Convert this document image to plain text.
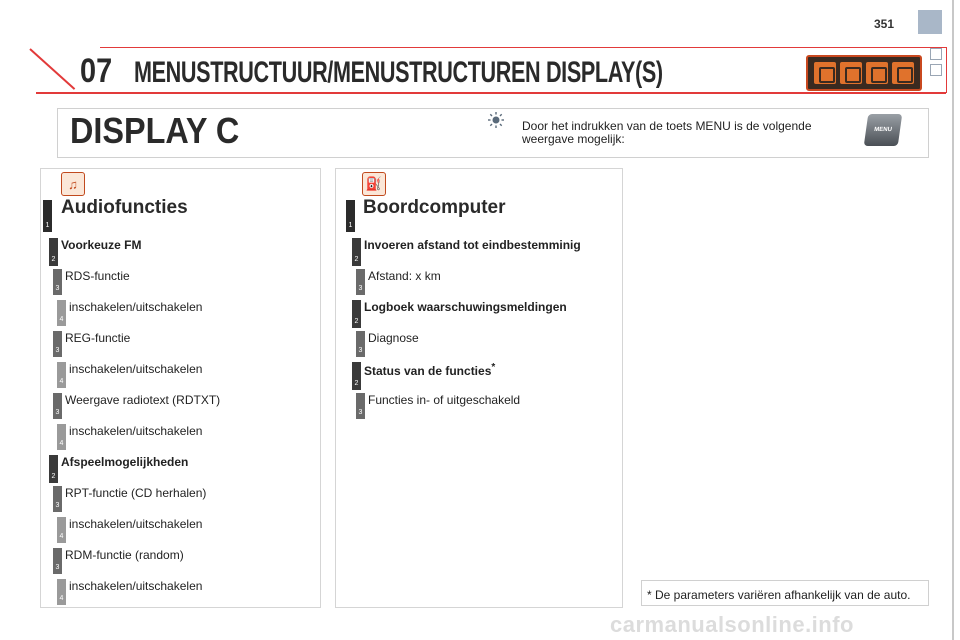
351
07 MENUSTRUCTUUR/MENUSTRUCTUREN DISPLAY(S)
DISPLAY C	Door het indrukken van de toets MENU is de volgende weergave mogelijk:
MENU
♫
Audiofuncties
⛽
Boordcomputer
1
2
Voorkeuze FM
3
RDS-functie
4
inschakelen/uitschakelen
3
REG-functie
4
inschakelen/uitschakelen
3
Weergave radiotext (RDTXT)
4
inschakelen/uitschakelen
2
Afspeelmogelijkheden
3
RPT-functie (CD herhalen)
4
inschakelen/uitschakelen
3
RDM-functie (random)
4
inschakelen/uitschakelen
1
2
Invoeren afstand tot eindbestemminig
3
Afstand: x km
2
Logboek waarschuwingsmeldingen
3
Diagnose
2
Status van de functies*
3
Functies in- of uitgeschakeld
* De parameters variëren afhankelijk van de auto.
carmanualsonline.info
